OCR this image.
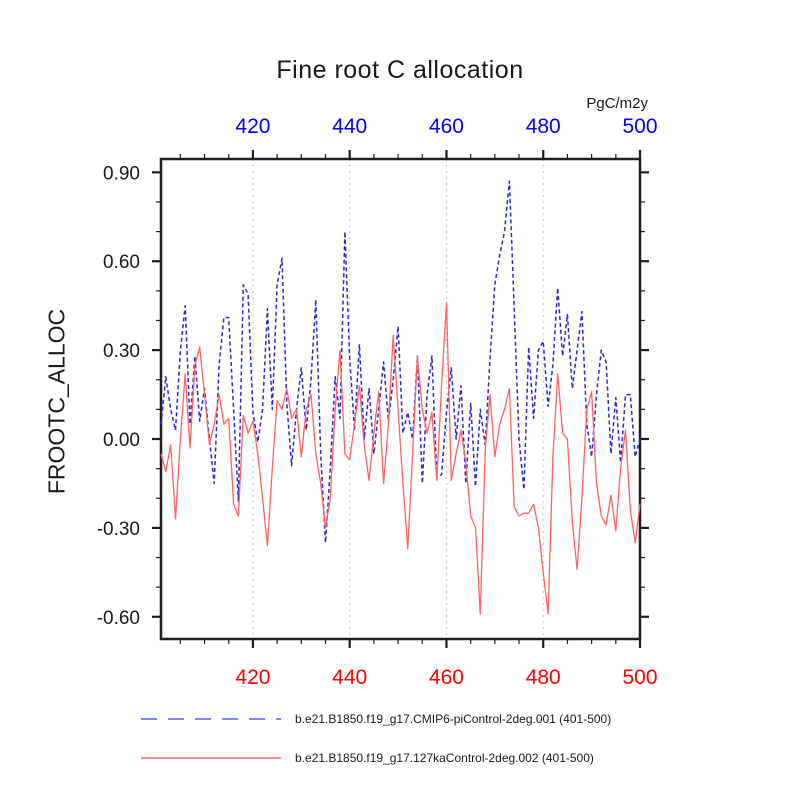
Fine root C allocation
PgC/m2y
FROOTC_ALLOC
420
420
440
440
460
460
480
480
500
500
0.90
0.60
0.30
0.00
-0.30
-0.60
b.e21.B1850.f19_g17.CMIP6-piControl-2deg.001 (401-500)
b.e21.B1850.f19_g17.127kaControl-2deg.002 (401-500)
